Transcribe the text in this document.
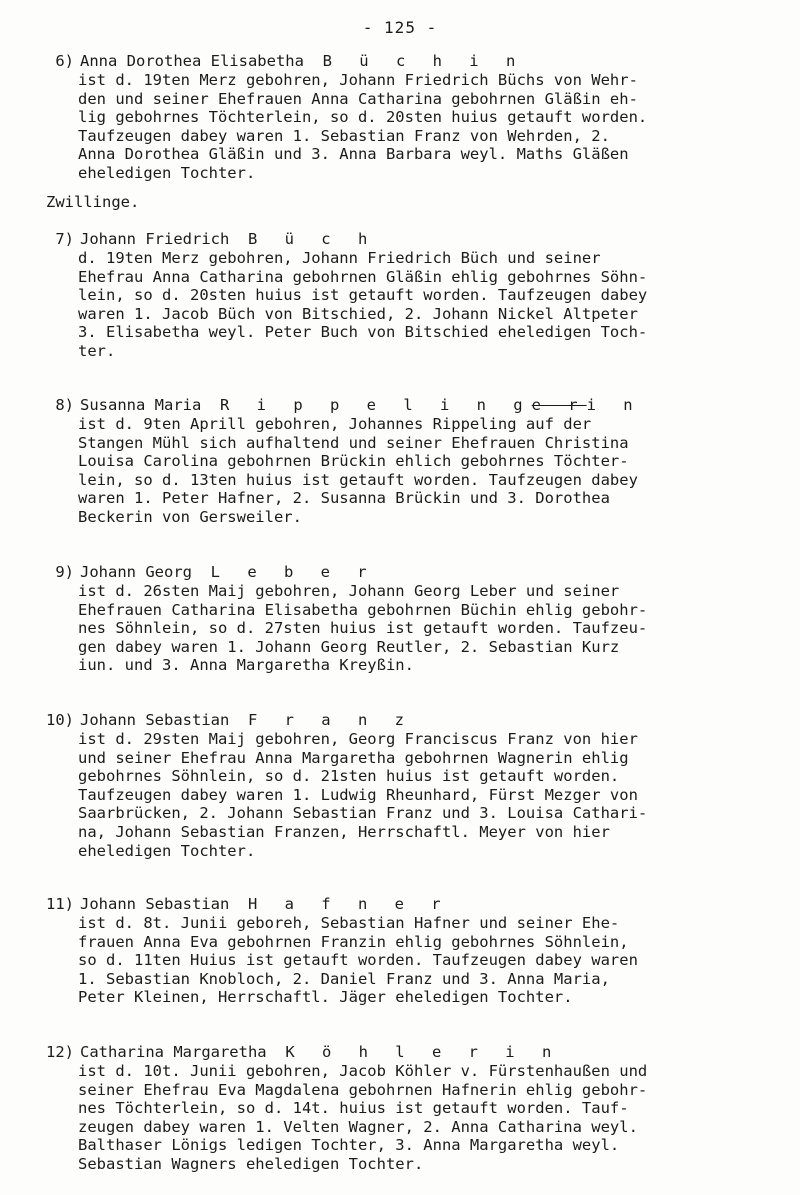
- 125 -
Zwillinge.
6) Anna Dorothea Elisabetha B ü c h i n
ist d. 19ten Merz gebohren, Johann Friedrich Büchs von Wehr-
den und seiner Ehefrauen Anna Catharina gebohrnen Gläßin eh-
lig gebohrnes Töchterlein, so d. 20sten huius getauft worden.
Taufzeugen dabey waren 1. Sebastian Franz von Wehrden, 2.
Anna Dorothea Gläßin und 3. Anna Barbara weyl. Maths Gläßen
eheledigen Tochter.
7) Johann Friedrich B ü c h
d. 19ten Merz gebohren, Johann Friedrich Büch und seiner
Ehefrau Anna Catharina gebohrnen Gläßin ehlig gebohrnes Söhn-
lein, so d. 20sten huius ist getauft worden. Taufzeugen dabey
waren 1. Jacob Büch von Bitschied, 2. Johann Nickel Altpeter
3. Elisabetha weyl. Peter Buch von Bitschied eheledigen Toch-
ter.
8) Susanna Maria R i p p e l i n ge ri n
ist d. 9ten Aprill gebohren, Johannes Rippeling auf der
Stangen Mühl sich aufhaltend und seiner Ehefrauen Christina
Louisa Carolina gebohrnen Brückin ehlich gebohrnes Töchter-
lein, so d. 13ten huius ist getauft worden. Taufzeugen dabey
waren 1. Peter Hafner, 2. Susanna Brückin und 3. Dorothea
Beckerin von Gersweiler.
9) Johann Georg L e b e r
ist d. 26sten Maij gebohren, Johann Georg Leber und seiner
Ehefrauen Catharina Elisabetha gebohrnen Büchin ehlig gebohr-
nes Söhnlein, so d. 27sten huius ist getauft worden. Taufzeu-
gen dabey waren 1. Johann Georg Reutler, 2. Sebastian Kurz
iun. und 3. Anna Margaretha Kreyßin.
10) Johann Sebastian F r a n z
ist d. 29sten Maij gebohren, Georg Franciscus Franz von hier
und seiner Ehefrau Anna Margaretha gebohrnen Wagnerin ehlig
gebohrnes Söhnlein, so d. 21sten huius ist getauft worden.
Taufzeugen dabey waren 1. Ludwig Rheunhard, Fürst Mezger von
Saarbrücken, 2. Johann Sebastian Franz und 3. Louisa Cathari-
na, Johann Sebastian Franzen, Herrschaftl. Meyer von hier
eheledigen Tochter.
11) Johann Sebastian H a f n e r
ist d. 8t. Junii geboreh, Sebastian Hafner und seiner Ehe-
frauen Anna Eva gebohrnen Franzin ehlig gebohrnes Söhnlein,
so d. 11ten Huius ist getauft worden. Taufzeugen dabey waren
1. Sebastian Knobloch, 2. Daniel Franz und 3. Anna Maria,
Peter Kleinen, Herrschaftl. Jäger eheledigen Tochter.
12) Catharina Margaretha K ö h l e r i n
ist d. 10t. Junii gebohren, Jacob Köhler v. Fürstenhaußen und
seiner Ehefrau Eva Magdalena gebohrnen Hafnerin ehlig gebohr-
nes Töchterlein, so d. 14t. huius ist getauft worden. Tauf-
zeugen dabey waren 1. Velten Wagner, 2. Anna Catharina weyl.
Balthaser Lönigs ledigen Tochter, 3. Anna Margaretha weyl.
Sebastian Wagners eheledigen Tochter.
